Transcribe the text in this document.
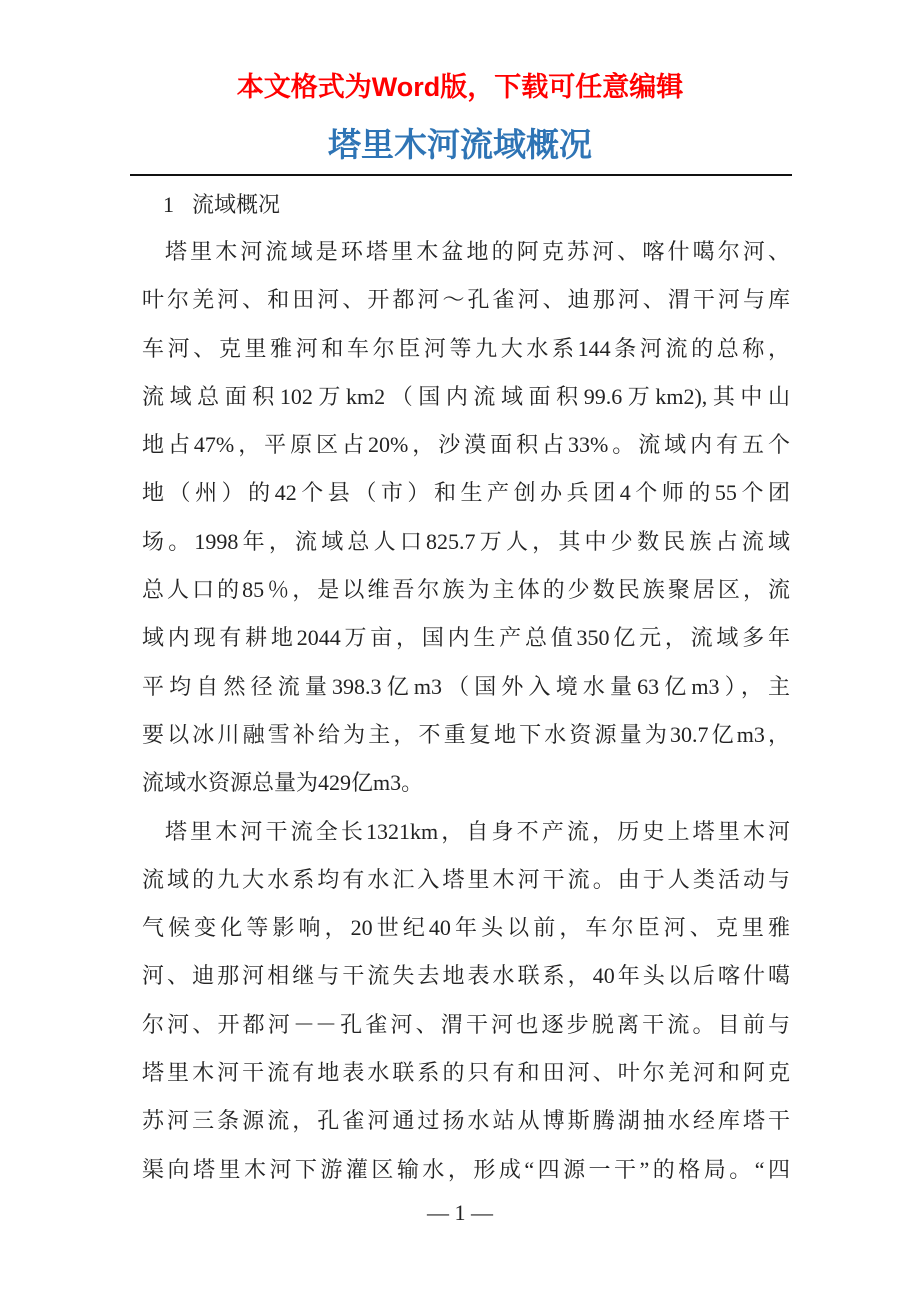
本文格式为Word版，下载可任意编辑
塔里木河流域概况
1 流域概况
塔里木河流域是环塔里木盆地的阿克苏河、喀什噶尔河、
叶尔羌河、和田河、开都河～孔雀河、迪那河、渭干河与库
车河、克里雅河和车尔臣河等九大水系144条河流的总称，
流域总面积102万km2（国内流域面积99.6万km2),其中山
地占47%，平原区占20%，沙漠面积占33%。流域内有五个
地（州）的42个县（市）和生产创办兵团4个师的55个团
场。1998年，流域总人口825.7万人，其中少数民族占流域
总人口的85％，是以维吾尔族为主体的少数民族聚居区，流
域内现有耕地2044万亩，国内生产总值350亿元，流域多年
平均自然径流量398.3亿m3（国外入境水量63亿m3），主
要以冰川融雪补给为主，不重复地下水资源量为30.7亿m3，
流域水资源总量为429亿m3。
塔里木河干流全长1321km，自身不产流，历史上塔里木河
流域的九大水系均有水汇入塔里木河干流。由于人类活动与
气候变化等影响，20世纪40年头以前，车尔臣河、克里雅
河、迪那河相继与干流失去地表水联系，40年头以后喀什噶
尔河、开都河－－孔雀河、渭干河也逐步脱离干流。目前与
塔里木河干流有地表水联系的只有和田河、叶尔羌河和阿克
苏河三条源流，孔雀河通过扬水站从博斯腾湖抽水经库塔干
渠向塔里木河下游灌区输水，形成“四源一干”的格局。“四
— 1 —
